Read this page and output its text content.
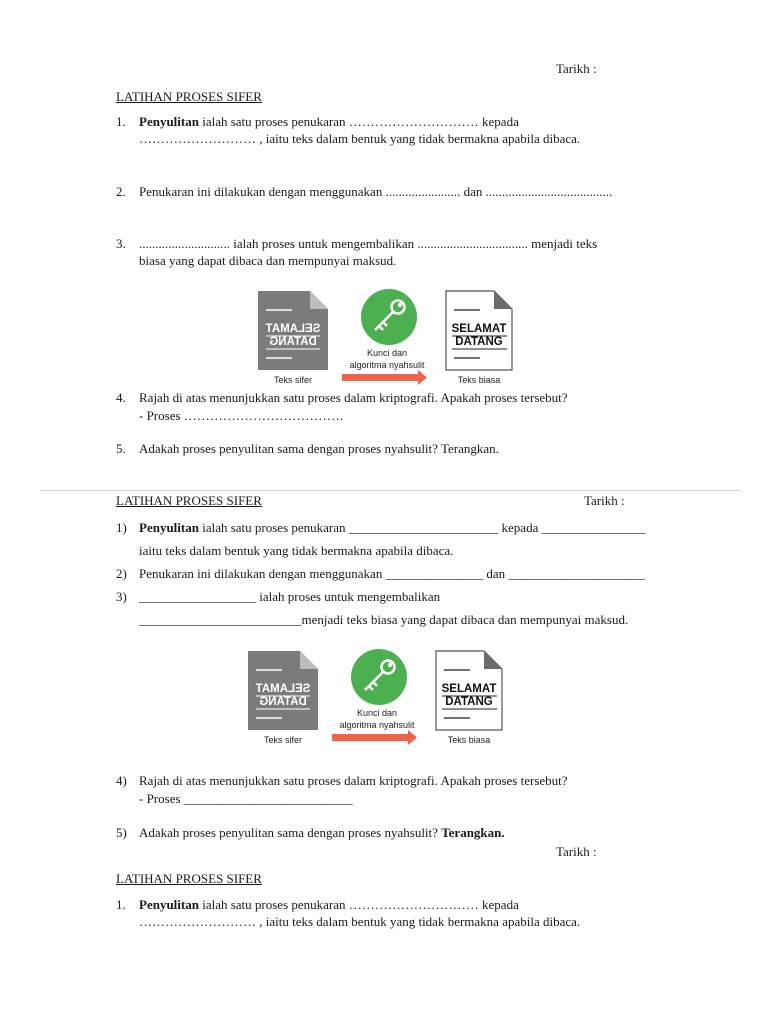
Tarikh :
LATIHAN PROSES SIFER
1. Penyulitan ialah satu proses penukaran ………………………… kepada
……………………… , iaitu teks dalam bentuk yang tidak bermakna apabila dibaca.
2. Penukaran ini dilakukan dengan menggunakan ....................... dan .......................................
3. ............................ ialah proses untuk mengembalikan .................................. menjadi teks
biasa yang dapat dibaca dan mempunyai maksud.
SELAMAT
DATANG
Teks sifer
Kunci dan
algoritma nyahsulit
SELAMAT
DATANG
Teks biasa
4. Rajah di atas menunjukkan satu proses dalam kriptografi. Apakah proses tersebut?
- Proses ……………………………….
5. Adakah proses penyulitan sama dengan proses nyahsulit? Terangkan.
LATIHAN PROSES SIFER	Tarikh :
1) Penyulitan ialah satu proses penukaran _______________________ kepada ________________
iaitu teks dalam bentuk yang tidak bermakna apabila dibaca.
2) Penukaran ini dilakukan dengan menggunakan _______________ dan _____________________
3) __________________ ialah proses untuk mengembalikan
_________________________menjadi teks biasa yang dapat dibaca dan mempunyai maksud.
SELAMAT
DATANG
Teks sifer
Kunci dan
algoritma nyahsulit
SELAMAT
DATANG
Teks biasa
4) Rajah di atas menunjukkan satu proses dalam kriptografi. Apakah proses tersebut?
- Proses __________________________
5) Adakah proses penyulitan sama dengan proses nyahsulit? Terangkan.
Tarikh :
LATIHAN PROSES SIFER
1. Penyulitan ialah satu proses penukaran ………………………… kepada
……………………… , iaitu teks dalam bentuk yang tidak bermakna apabila dibaca.
